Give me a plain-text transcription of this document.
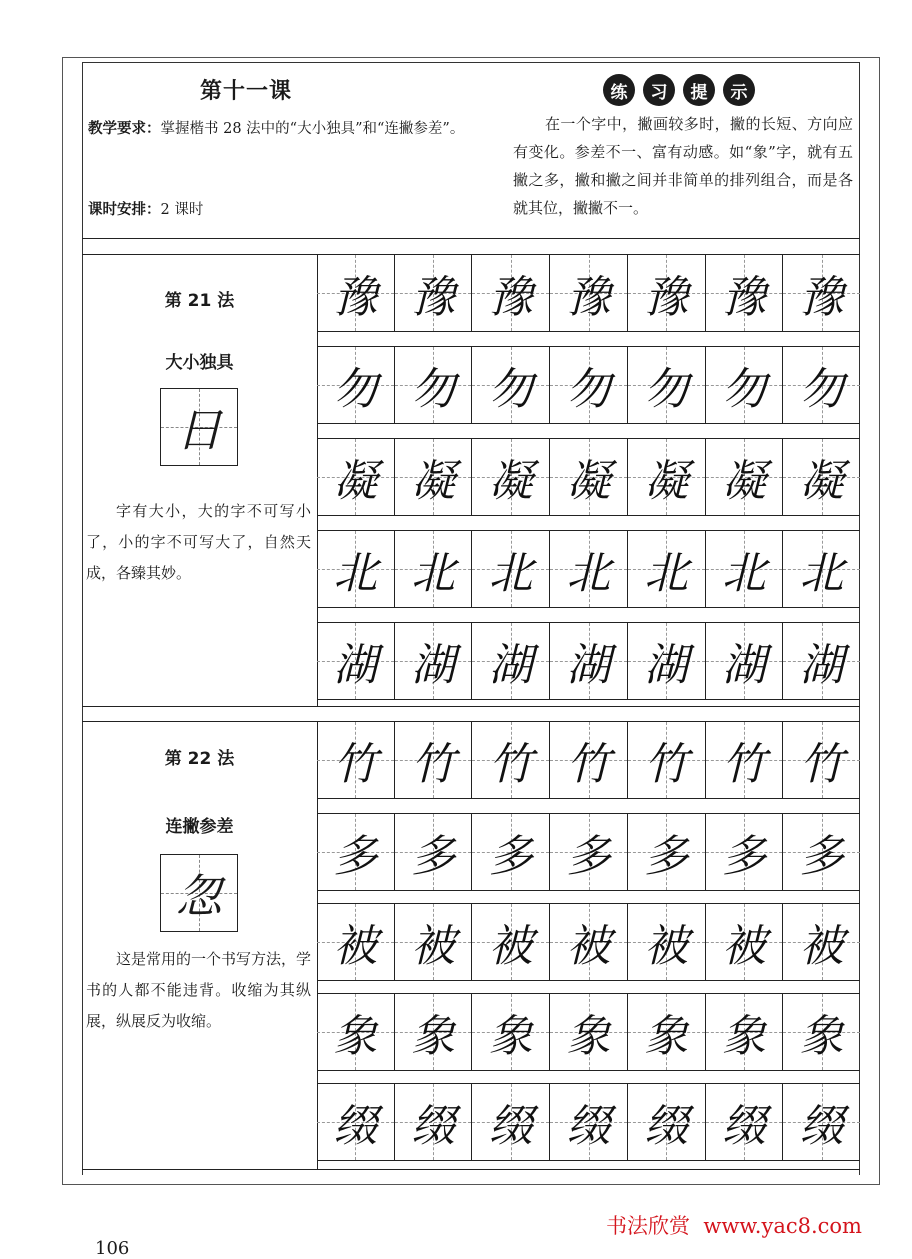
第十一课
教学要求：掌握楷书 28 法中的“大小独具”和“连撇参差”。
课时安排：2 课时
练	习	提	示
在一个字中，撇画较多时，撇的长短、方向应有变化。参差不一、富有动感。如“象”字，就有五撇之多，撇和撇之间并非简单的排列组合，而是各就其位，撇撇不一。
第 21 法
大小独具
日
字有大小，大的字不可写小了，小的字不可写大了，自然天成，各臻其妙。
第 22 法
连撇参差
忽
这是常用的一个书写方法，学书的人都不能违背。收缩为其纵展，纵展反为收缩。
豫 豫 豫 豫 豫 豫 豫
勿 勿 勿 勿 勿 勿 勿
凝 凝 凝 凝 凝 凝 凝
北 北 北 北 北 北 北
湖 湖 湖 湖 湖 湖 湖
竹 竹 竹 竹 竹 竹 竹
多 多 多 多 多 多 多
被 被 被 被 被 被 被
象 象 象 象 象 象 象
缀 缀 缀 缀 缀 缀 缀
106
书法欣赏  www.yac8.com
